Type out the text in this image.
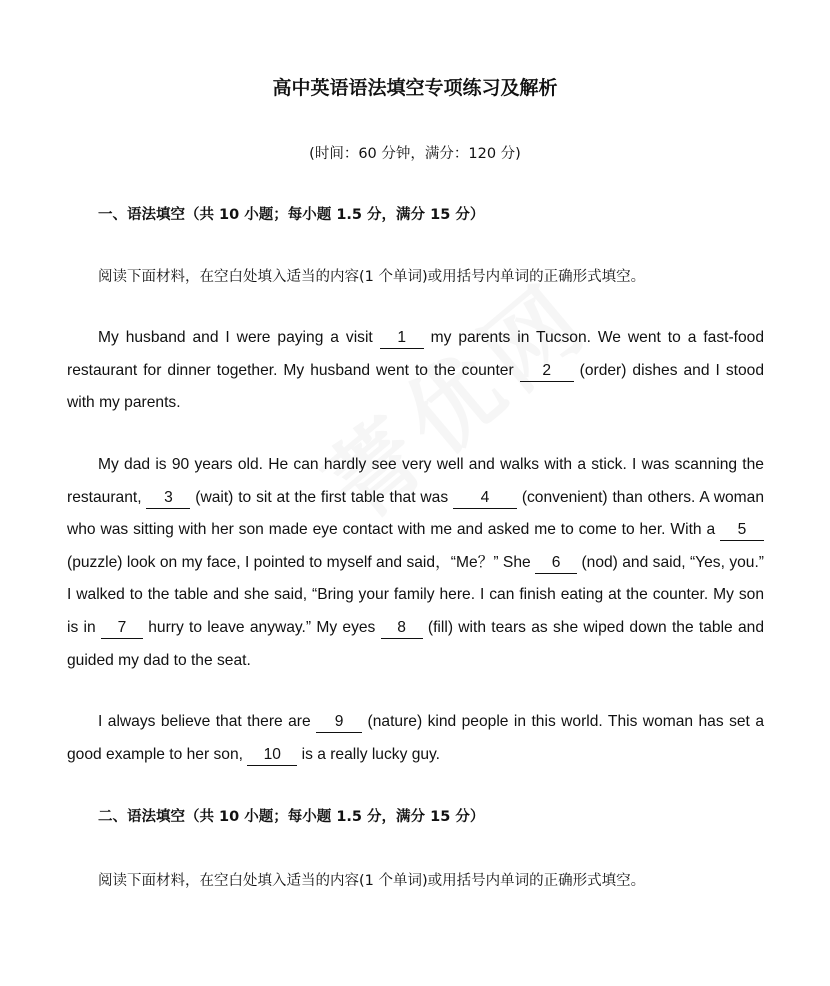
高中英语语法填空专项练习及解析
(时间：60 分钟，满分：120 分)
一、语法填空（共 10 小题；每小题 1.5 分，满分 15 分）
阅读下面材料，在空白处填入适当的内容(1 个单词)或用括号内单词的正确形式填空。

My husband and I were paying a visit 1 my parents in Tucson. We went to a fast-food restaurant for dinner together. My husband went to the counter 2 (order) dishes and I stood with my parents.

My dad is 90 years old. He can hardly see very well and walks with a stick. I was scanning the restaurant, 3 (wait) to sit at the first table that was 4 (convenient) than others. A woman who was sitting with her son made eye contact with me and asked me to come to her. With a 5 (puzzle) look on my face, I pointed to myself and said，“Me？” She 6 (nod) and said, “Yes, you.” I walked to the table and she said, “Bring your family here. I can finish eating at the counter. My son is in 7 hurry to leave anyway.” My eyes 8 (fill) with tears as she wiped down the table and guided my dad to the seat.

I always believe that there are 9 (nature) kind people in this world. This woman has set a good example to her son, 10 is a really lucky guy.

二、语法填空（共 10 小题；每小题 1.5 分，满分 15 分）
阅读下面材料，在空白处填入适当的内容(1 个单词)或用括号内单词的正确形式填空。
